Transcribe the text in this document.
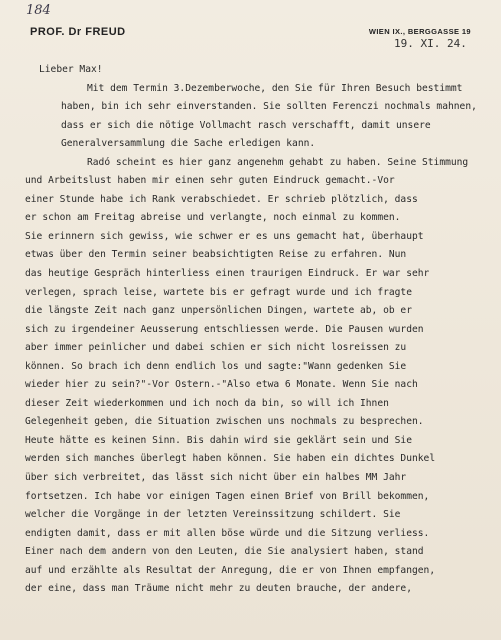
184
PROF. Dr FREUD	WIEN IX., BERGGASSE 19
19. XI. 24.
Lieber Max!
Mit dem Termin 3.Dezemberwoche, den Sie für Ihren Besuch bestimmt
haben, bin ich sehr einverstanden. Sie sollten Ferenczi nochmals mahnen,
dass er sich die nötige Vollmacht rasch verschafft, damit unsere
Generalversammlung die Sache erledigen kann.
Radó scheint es hier ganz angenehm gehabt zu haben. Seine Stimmung
und Arbeitslust haben mir einen sehr guten Eindruck gemacht.-Vor
einer Stunde habe ich Rank verabschiedet. Er schrieb plötzlich, dass
er schon am Freitag abreise und verlangte, noch einmal zu kommen.
Sie erinnern sich gewiss, wie schwer er es uns gemacht hat, überhaupt
etwas über den Termin seiner beabsichtigten Reise zu erfahren. Nun
das heutige Gespräch hinterliess einen traurigen Eindruck. Er war sehr
verlegen, sprach leise, wartete bis er gefragt wurde und ich fragte
die längste Zeit nach ganz unpersönlichen Dingen, wartete ab, ob er
sich zu irgendeiner Aeusserung entschliessen werde. Die Pausen wurden
aber immer peinlicher und dabei schien er sich nicht losreissen zu
können. So brach ich denn endlich los und sagte:"Wann gedenken Sie
wieder hier zu sein?"-Vor Ostern.-"Also etwa 6 Monate. Wenn Sie nach
dieser Zeit wiederkommen und ich noch da bin, so will ich Ihnen
Gelegenheit geben, die Situation zwischen uns nochmals zu besprechen.
Heute hätte es keinen Sinn. Bis dahin wird sie geklärt sein und Sie
werden sich manches überlegt haben können. Sie haben ein dichtes Dunkel
über sich verbreitet, das lässt sich nicht über ein halbes MM Jahr
fortsetzen. Ich habe vor einigen Tagen einen Brief von Brill bekommen,
welcher die Vorgänge in der letzten Vereinssitzung schildert. Sie
endigten damit, dass er mit allen böse würde und die Sitzung verliess.
Einer nach dem andern von den Leuten, die Sie analysiert haben, stand
auf und erzählte als Resultat der Anregung, die er von Ihnen empfangen,
der eine, dass man Träume nicht mehr zu deuten brauche, der andere,
